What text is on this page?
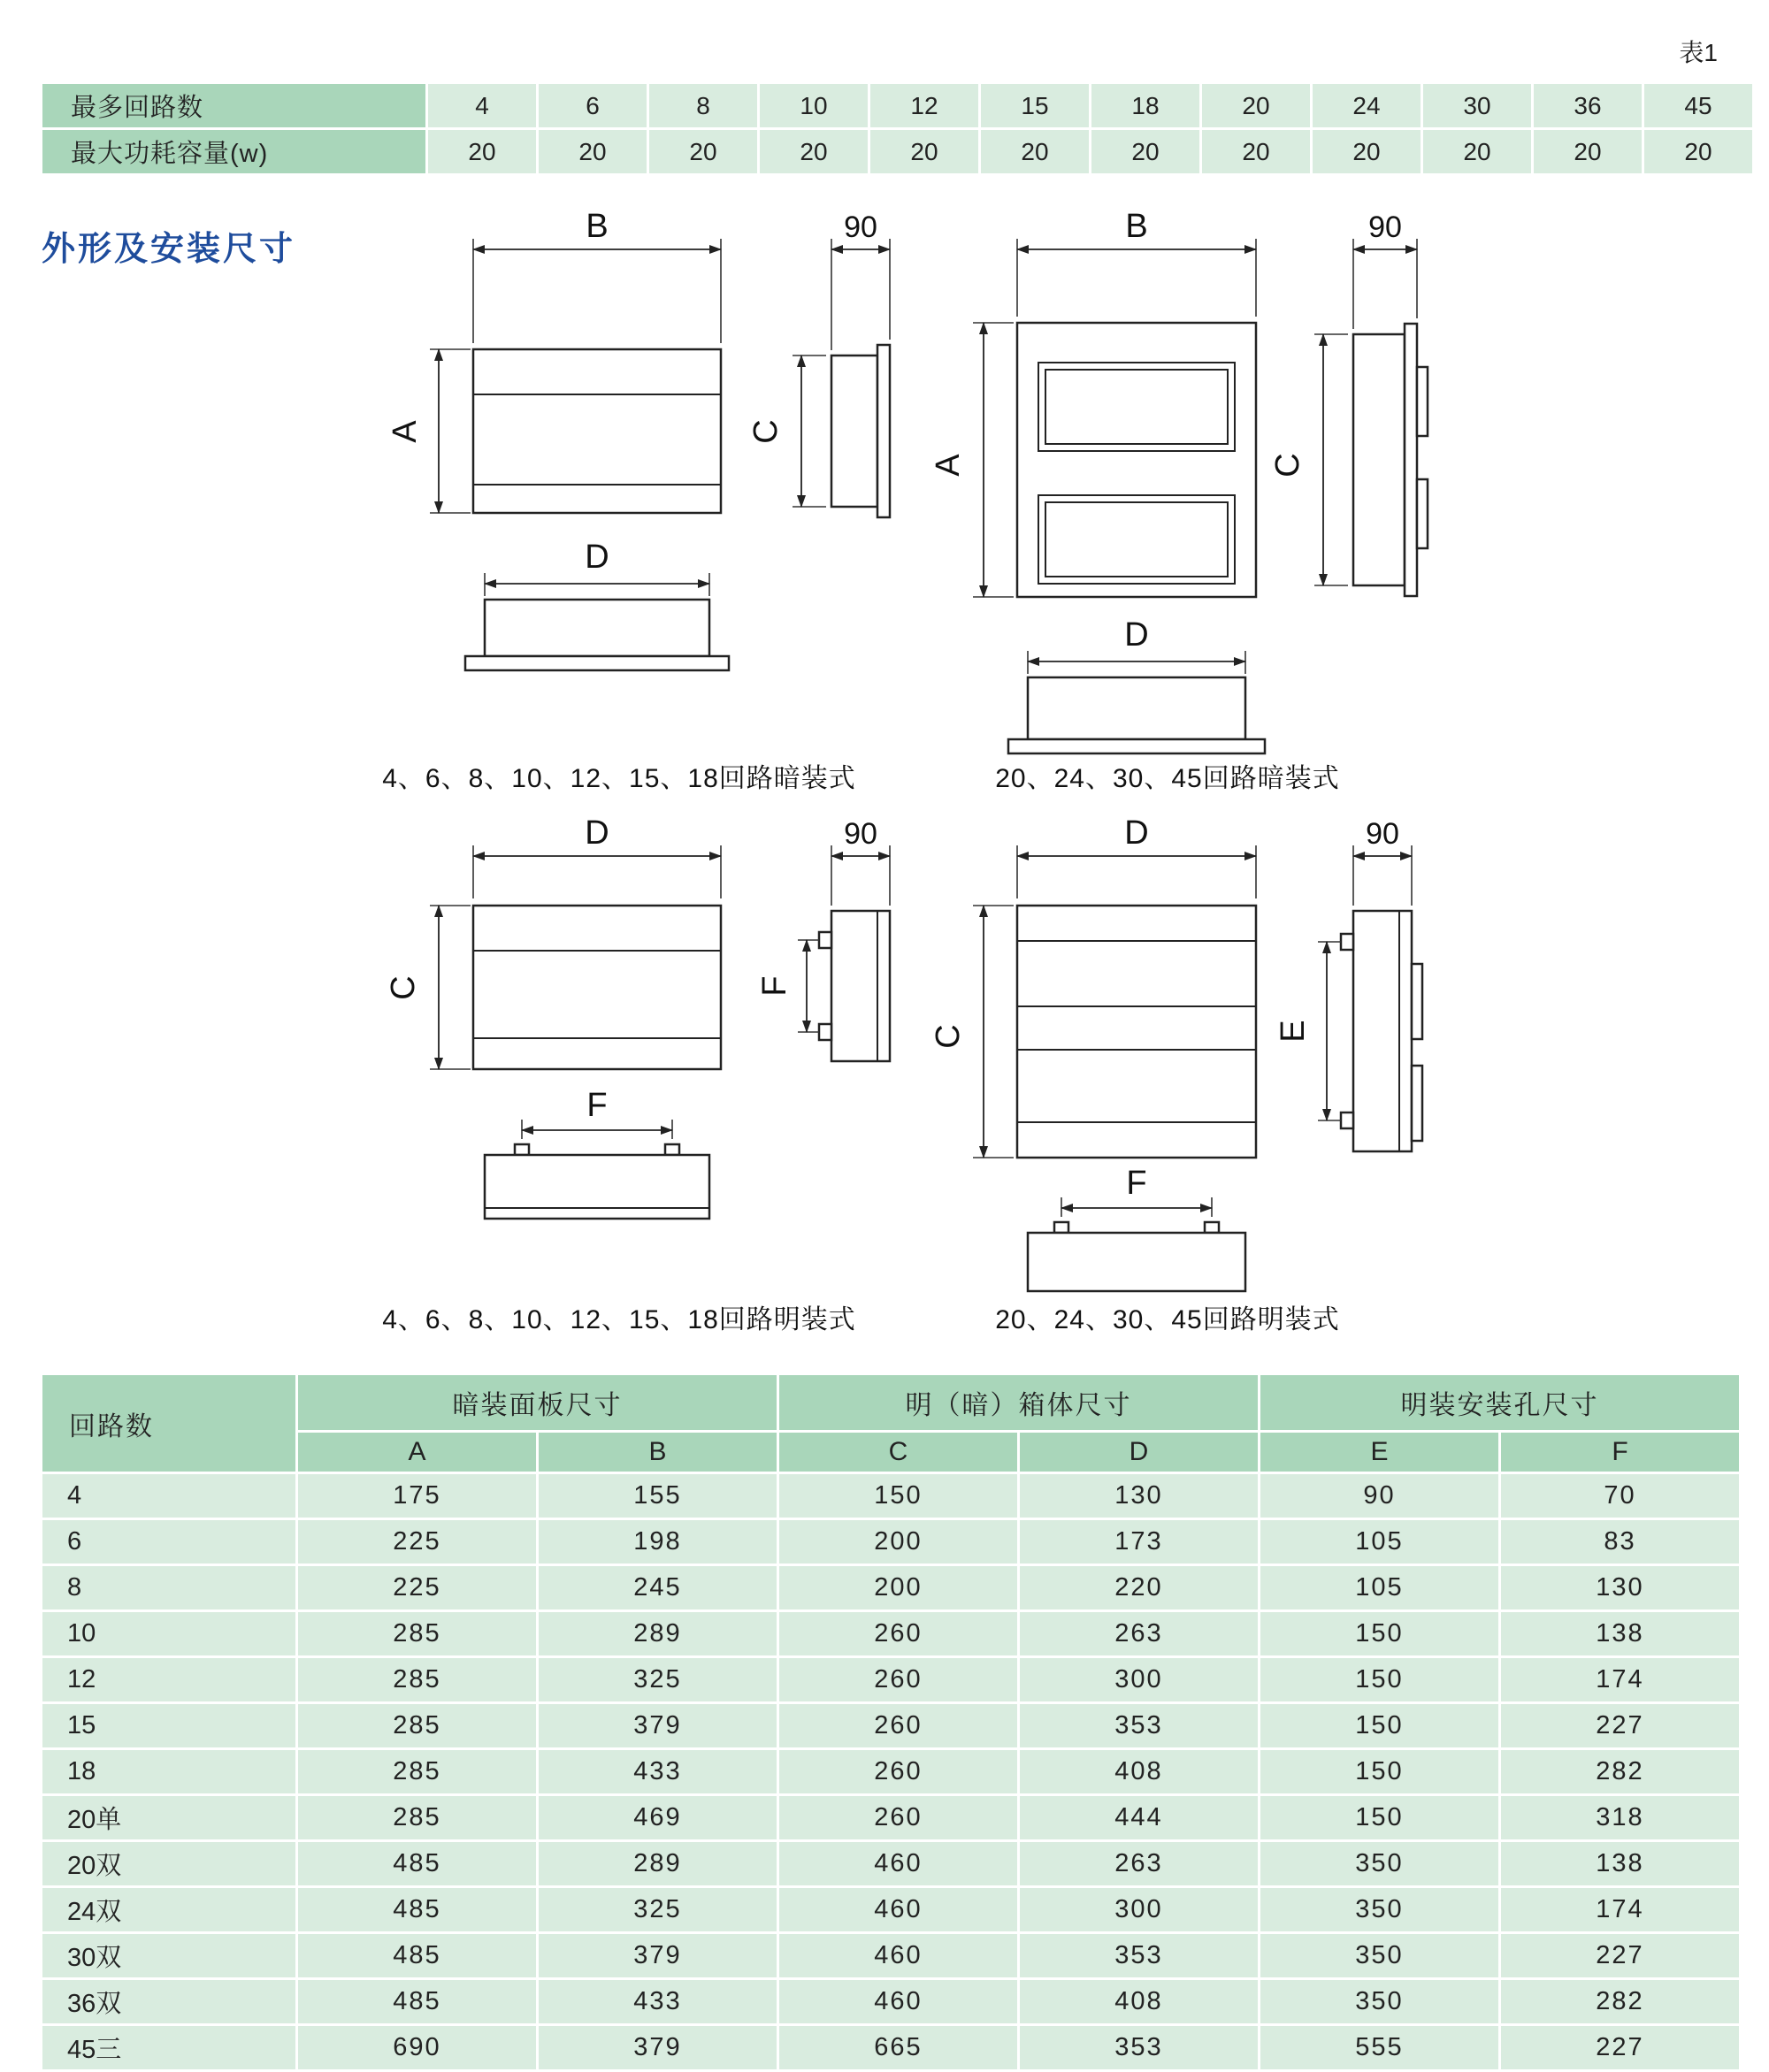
表1
最多回路数	4	6	8	10	12	15	18	20	24	30	36	45
最大功耗容量(w)	20	20	20	20	20	20	20	20	20	20	20	20
外形及安装尺寸
B
A
90
C
D
4、6、8、10、12、15、18回路暗装式
B
A
90
C
D
20、24、30、45回路暗装式
D
C
90
F
F
4、6、8、10、12、15、18回路明装式
D
C
90
E
F
20、24、30、45回路明装式
回路数	暗装面板尺寸		明（暗）箱体尺寸		明装安装孔尺寸	
	A	B	C	D	E	F
4	175	155	150	130	90	70
6	225	198	200	173	105	83
8	225	245	200	220	105	130
10	285	289	260	263	150	138
12	285	325	260	300	150	174
15	285	379	260	353	150	227
18	285	433	260	408	150	282
20单	285	469	260	444	150	318
20双	485	289	460	263	350	138
24双	485	325	460	300	350	174
30双	485	379	460	353	350	227
36双	485	433	460	408	350	282
45三	690	379	665	353	555	227
